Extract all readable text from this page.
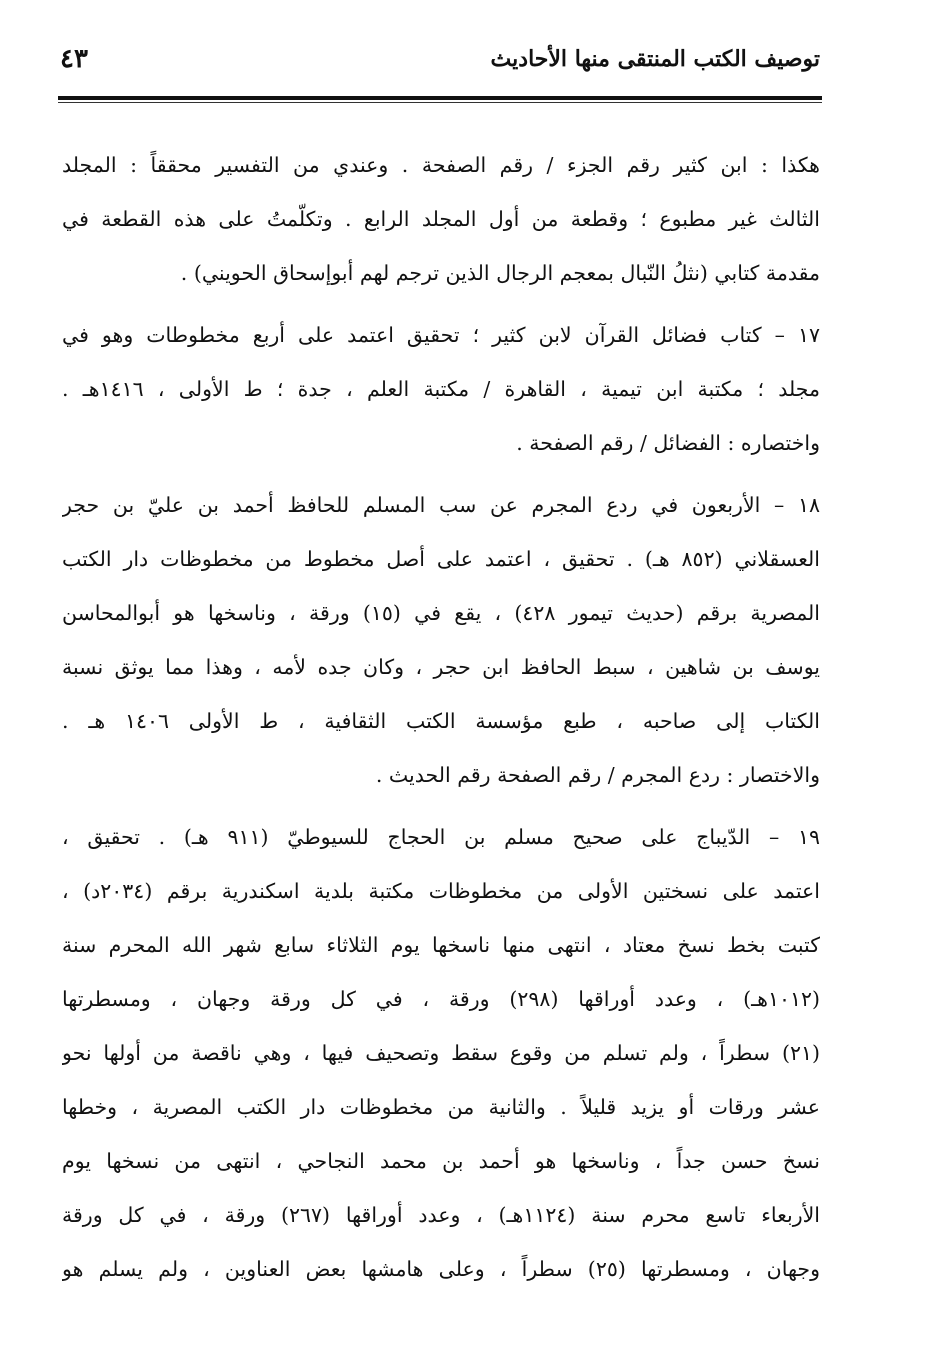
٤٣	توصيف الكتب المنتقى منها الأحاديث
هكذا : ابن كثير رقم الجزء / رقم الصفحة . وعندي من التفسير محققاً : المجلد
الثالث غير مطبوع ؛ وقطعة من أول المجلد الرابع . وتكلّمتُ على هذه القطعة في
مقدمة كتابي (نثلُ النّبال بمعجم الرجال الذين ترجم لهم أبوإسحاق الحويني) .
١٧ – كتاب فضائل القرآن لابن كثير ؛ تحقيق اعتمد على أربع مخطوطات وهو في
مجلد ؛ مكتبة ابن تيمية ، القاهرة / مكتبة العلم ، جدة ؛ ط الأولى ، ١٤١٦هـ .
واختصاره : الفضائل / رقم الصفحة .
١٨ – الأربعون في ردع المجرم عن سب المسلم للحافظ أحمد بن عليّ بن حجر
العسقلاني (٨٥٢ هـ) . تحقيق ، اعتمد على أصل مخطوط من مخطوظات دار الكتب
المصرية برقم (حديث تيمور ٤٢٨) ، يقع في (١٥) ورقة ، وناسخها هو أبوالمحاسن
يوسف بن شاهين ، سبط الحافظ ابن حجر ، وكان جده لأمه ، وهذا مما يوثق نسبة
الكتاب إلى صاحبه ، طبع مؤسسة الكتب الثقافية ، ط الأولى ١٤٠٦ هـ .
والاختصار : ردع المجرم / رقم الصفحة رقم الحديث .
١٩ – الدّيباج على صحيح مسلم بن الحجاج للسيوطيّ (٩١١ هـ) . تحقيق ،
اعتمد على نسختين الأولى من مخطوظات مكتبة بلدية اسكندرية برقم (٢٠٣٤د) ،
كتبت بخط نسخ معتاد ، انتهى منها ناسخها يوم الثلاثاء سابع شهر الله المحرم سنة
(١٠١٢هـ) ، وعدد أوراقها (٢٩٨) ورقة ، في كل ورقة وجهان ، ومسطرتها
(٢١) سطراً ، ولم تسلم من وقوع سقط وتصحيف فيها ، وهي ناقصة من أولها نحو
عشر ورقات أو يزيد قليلاً . والثانية من مخطوظات دار الكتب المصرية ، وخطها
نسخ حسن جداً ، وناسخها هو أحمد بن محمد النجاحي ، انتهى من نسخها يوم
الأربعاء تاسع محرم سنة (١١٢٤هـ) ، وعدد أوراقها (٢٦٧) ورقة ، في كل ورقة
وجهان ، ومسطرتها (٢٥) سطراً ، وعلى هامشها بعض العناوين ، ولم يسلم هو
